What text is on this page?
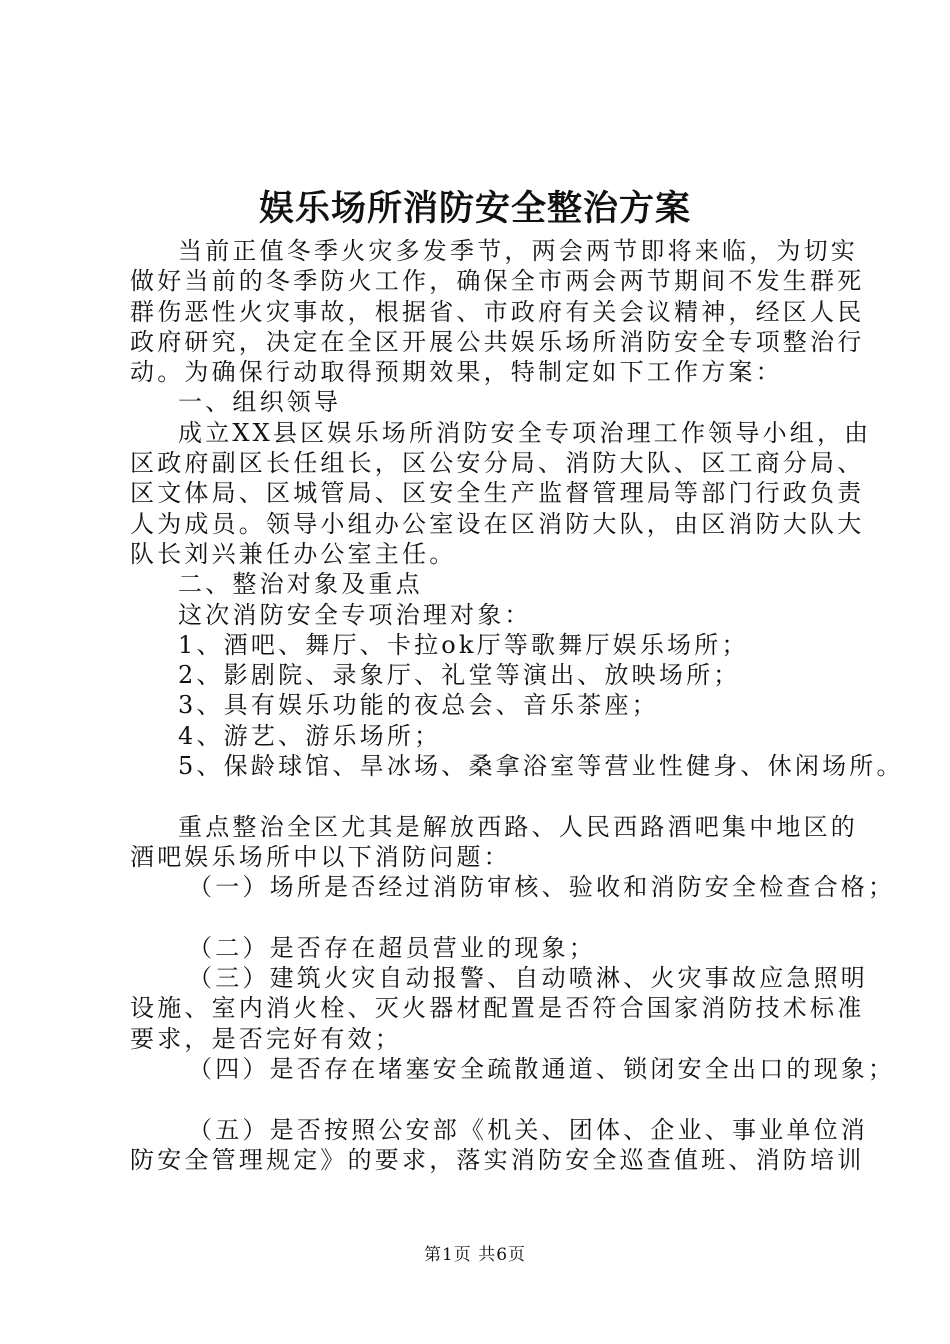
娱乐场所消防安全整治方案
当前正值冬季火灾多发季节，两会两节即将来临，为切实
做好当前的冬季防火工作，确保全市两会两节期间不发生群死
群伤恶性火灾事故，根据省、市政府有关会议精神，经区人民
政府研究，决定在全区开展公共娱乐场所消防安全专项整治行
动。为确保行动取得预期效果，特制定如下工作方案：
一、组织领导
成立XX县区娱乐场所消防安全专项治理工作领导小组，由
区政府副区长任组长，区公安分局、消防大队、区工商分局、
区文体局、区城管局、区安全生产监督管理局等部门行政负责
人为成员。领导小组办公室设在区消防大队，由区消防大队大
队长刘兴兼任办公室主任。
二、整治对象及重点
这次消防安全专项治理对象：
1、酒吧、舞厅、卡拉ok厅等歌舞厅娱乐场所；
2、影剧院、录象厅、礼堂等演出、放映场所；
3、具有娱乐功能的夜总会、音乐茶座；
4、游艺、游乐场所；
5、保龄球馆、旱冰场、桑拿浴室等营业性健身、休闲场所。
重点整治全区尤其是解放西路、人民西路酒吧集中地区的
酒吧娱乐场所中以下消防问题：
（一）场所是否经过消防审核、验收和消防安全检查合格；
（二）是否存在超员营业的现象；
（三）建筑火灾自动报警、自动喷淋、火灾事故应急照明
设施、室内消火栓、灭火器材配置是否符合国家消防技术标准
要求，是否完好有效；
（四）是否存在堵塞安全疏散通道、锁闭安全出口的现象；
（五）是否按照公安部《机关、团体、企业、事业单位消
防安全管理规定》的要求，落实消防安全巡查值班、消防培训
第1页 共6页
